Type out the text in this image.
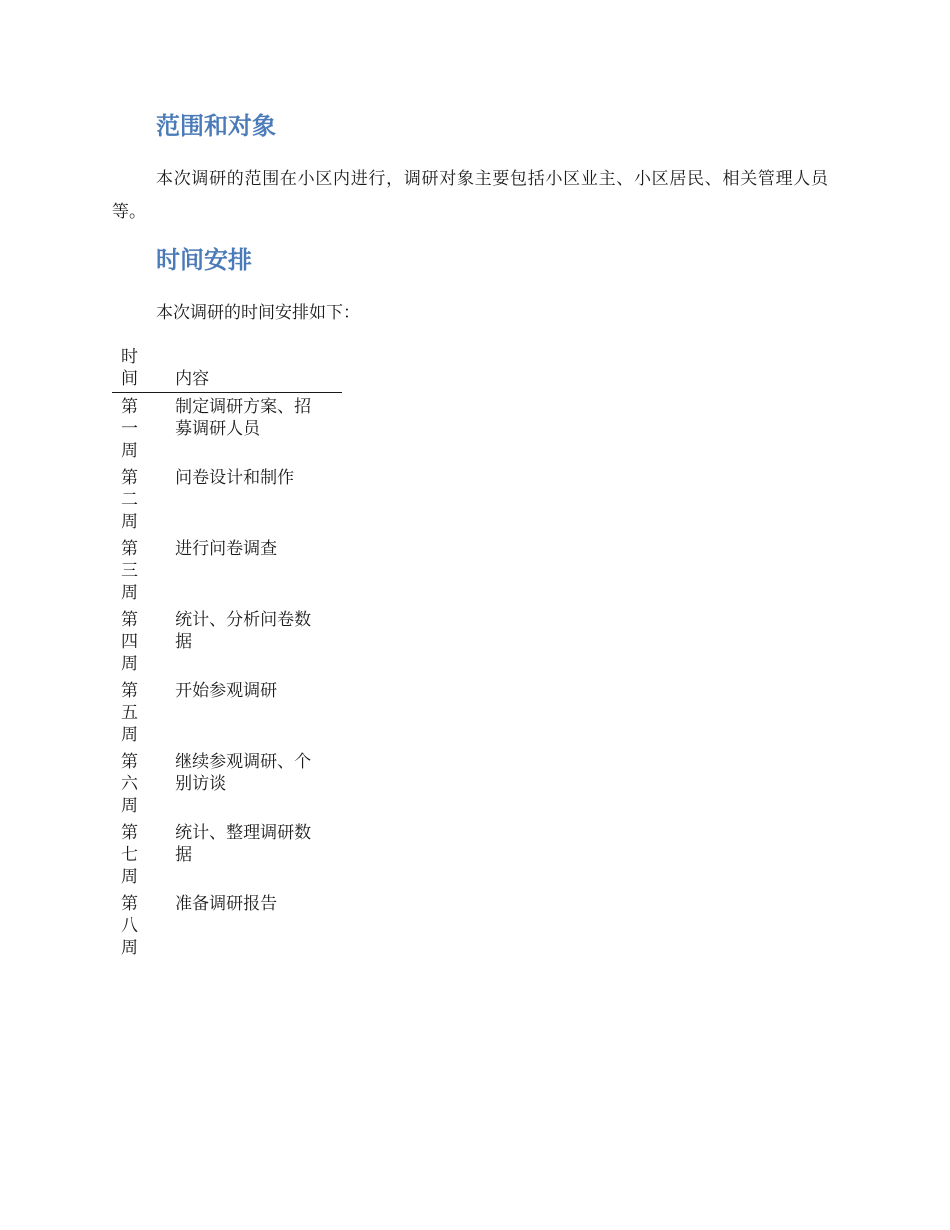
范围和对象

本次调研的范围在小区内进行，调研对象主要包括小区业主、小区居民、相关管理人员等。

时间安排

本次调研的时间安排如下：

时间	内容
第一周	制定调研方案、招募调研人员
第二周	问卷设计和制作
第三周	进行问卷调查
第四周	统计、分析问卷数据
第五周	开始参观调研
第六周	继续参观调研、个别访谈
第七周	统计、整理调研数据
第八周	准备调研报告
